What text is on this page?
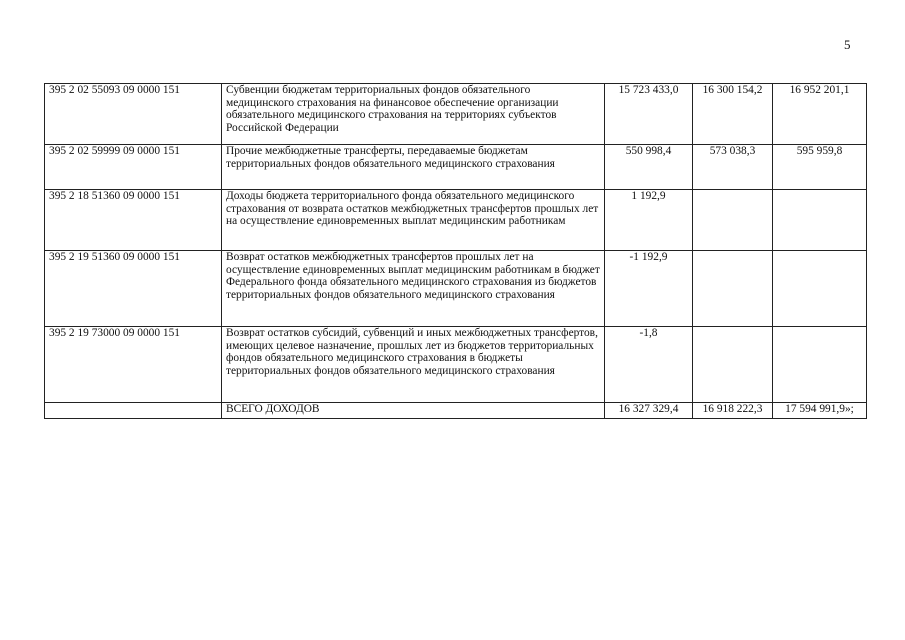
5
395 2 02 55093 09 0000 151	Субвенции бюджетам территориальных фондов обязательного медицинского страхования на финансовое обеспечение организации обязательного медицинского страхования на территориях субъектов Российской Федерации	15 723 433,0	16 300 154,2	16 952 201,1
395 2 02 59999 09 0000 151	Прочие межбюджетные трансферты, передаваемые бюджетам территориальных фондов обязательного медицинского страхования	550 998,4	573 038,3	595 959,8
395 2 18 51360 09 0000 151	Доходы бюджета территориального фонда обязательного медицинского страхования от возврата остатков межбюджетных трансфертов прошлых лет на осуществление единовременных выплат медицинским работникам	1 192,9		
395 2 19 51360 09 0000 151	Возврат остатков межбюджетных трансфертов прошлых лет на осуществление единовременных выплат медицинским работникам в бюджет Федерального фонда обязательного медицинского страхования из бюджетов территориальных фондов обязательного медицинского страхования	-1 192,9		
395 2 19 73000 09 0000 151	Возврат остатков субсидий, субвенций и иных межбюджетных трансфертов, имеющих целевое назначение, прошлых лет из бюджетов территориальных фондов обязательного медицинского страхования в бюджеты территориальных фондов обязательного медицинского страхования	-1,8		
	ВСЕГО ДОХОДОВ	16 327 329,4	16 918 222,3	17 594 991,9»;
